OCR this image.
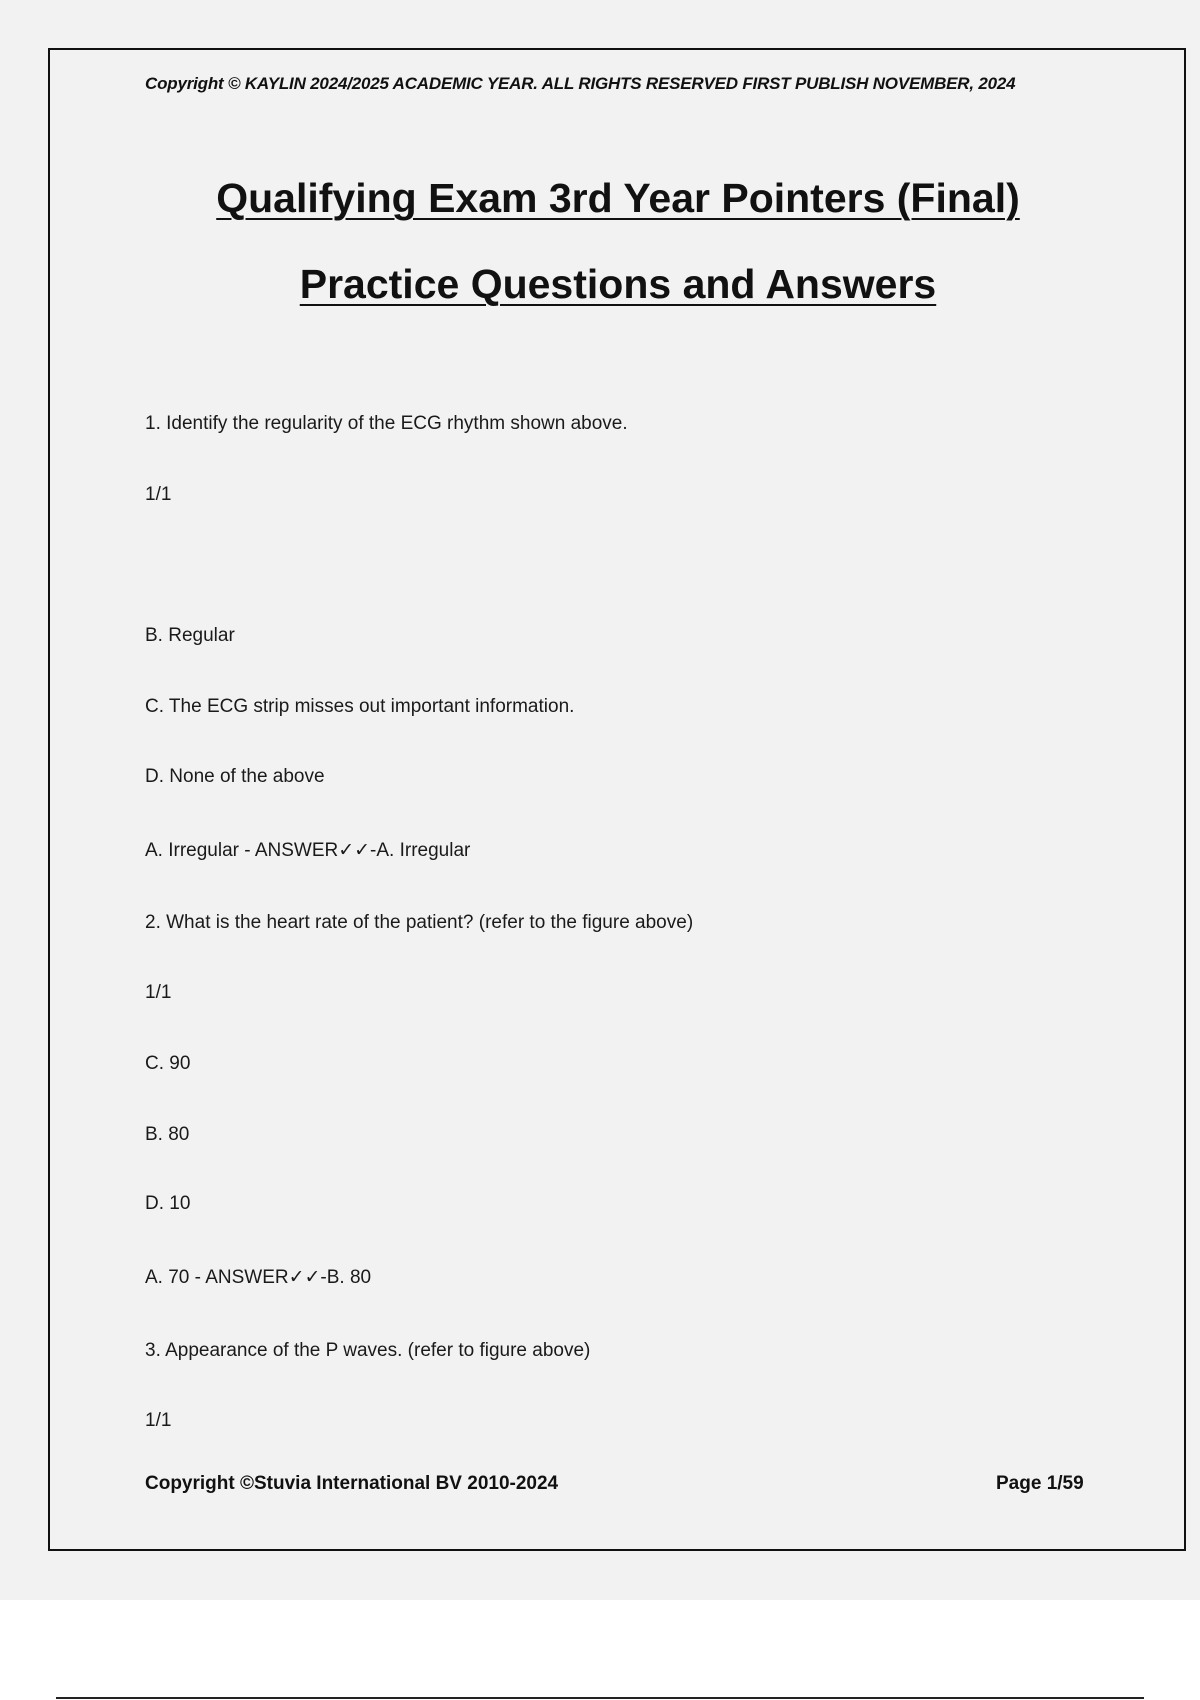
Copyright © KAYLIN 2024/2025 ACADEMIC YEAR. ALL RIGHTS RESERVED FIRST PUBLISH NOVEMBER, 2024
Qualifying Exam 3rd Year Pointers (Final)
Practice Questions and Answers
1. Identify the regularity of the ECG rhythm shown above.
1/1
B. Regular
C. The ECG strip misses out important information.
D. None of the above
A. Irregular - ANSWER✓✓-A. Irregular
2. What is the heart rate of the patient? (refer to the figure above)
1/1
C. 90
B. 80
D. 10
A. 70 - ANSWER✓✓-B. 80
3. Appearance of the P waves. (refer to figure above)
1/1
Copyright ©Stuvia International BV 2010-2024	Page 1/59
